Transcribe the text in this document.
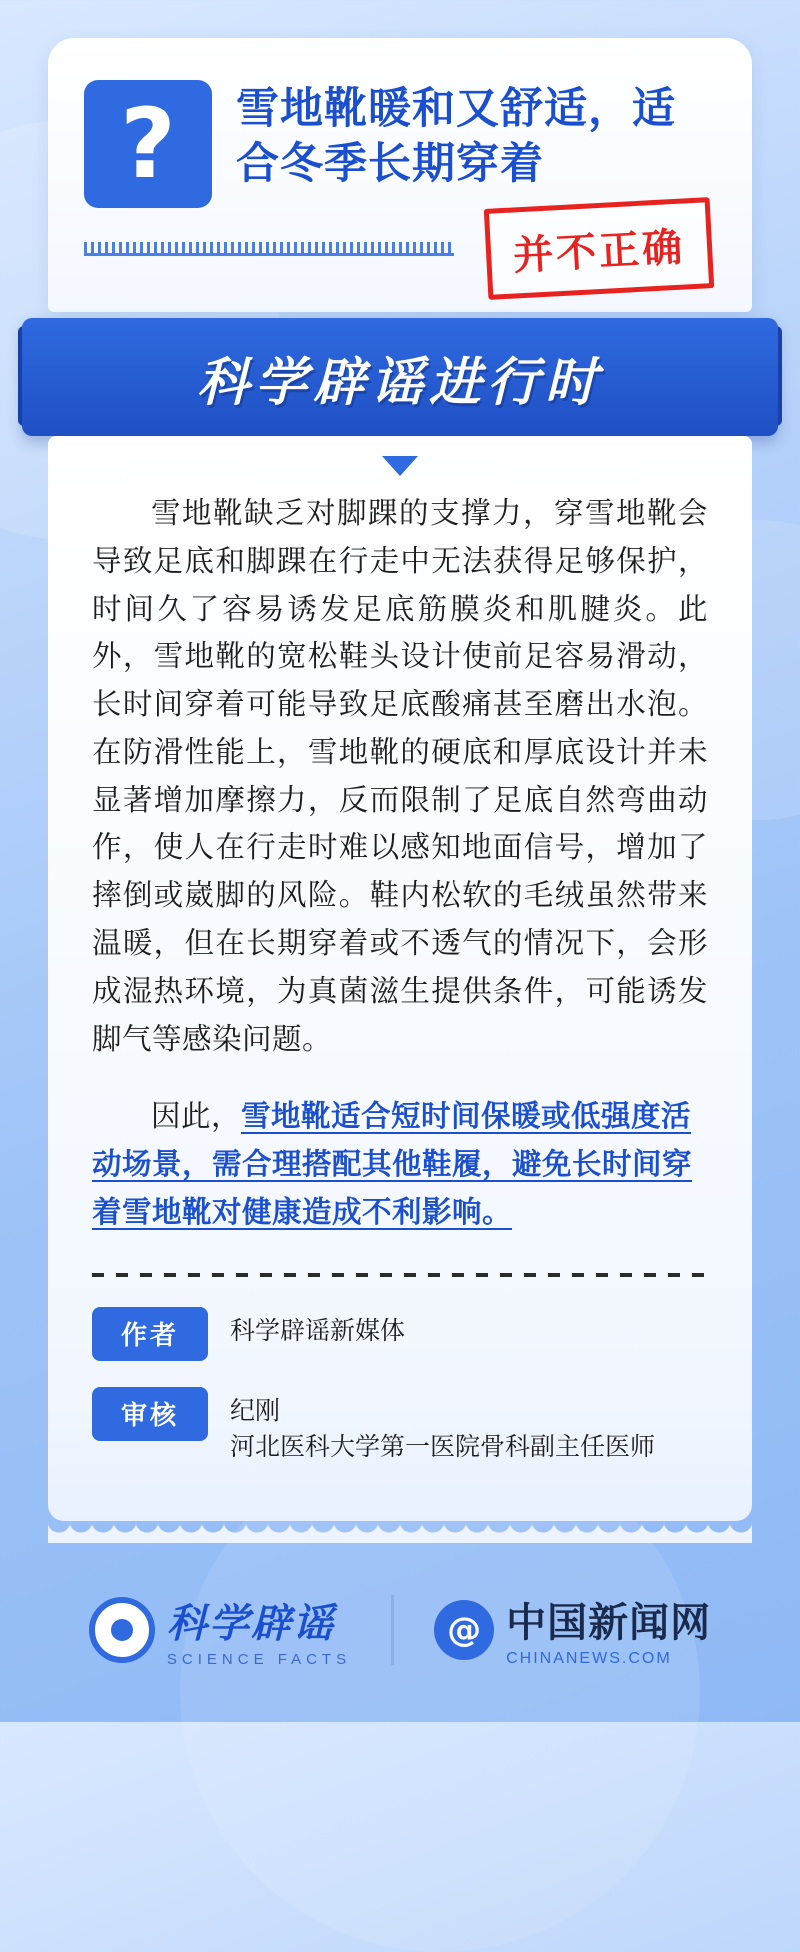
?	雪地靴暖和又舒适，适合冬季长期穿着
并不正确
科学辟谣进行时

雪地靴缺乏对脚踝的支撑力，穿雪地靴会导致足底和脚踝在行走中无法获得足够保护，时间久了容易诱发足底筋膜炎和肌腱炎。此外，雪地靴的宽松鞋头设计使前足容易滑动，长时间穿着可能导致足底酸痛甚至磨出水泡。在防滑性能上，雪地靴的硬底和厚底设计并未显著增加摩擦力，反而限制了足底自然弯曲动作，使人在行走时难以感知地面信号，增加了摔倒或崴脚的风险。鞋内松软的毛绒虽然带来温暖，但在长期穿着或不透气的情况下，会形成湿热环境，为真菌滋生提供条件，可能诱发脚气等感染问题。

因此，雪地靴适合短时间保暖或低强度活动场景，需合理搭配其他鞋履，避免长时间穿着雪地靴对健康造成不利影响。

作者	科学辟谣新媒体
审核	纪刚
河北医科大学第一医院骨科副主任医师
科学辟谣
SCIENCE FACTS
@ 中国新闻网
CHINANEWS.COM
